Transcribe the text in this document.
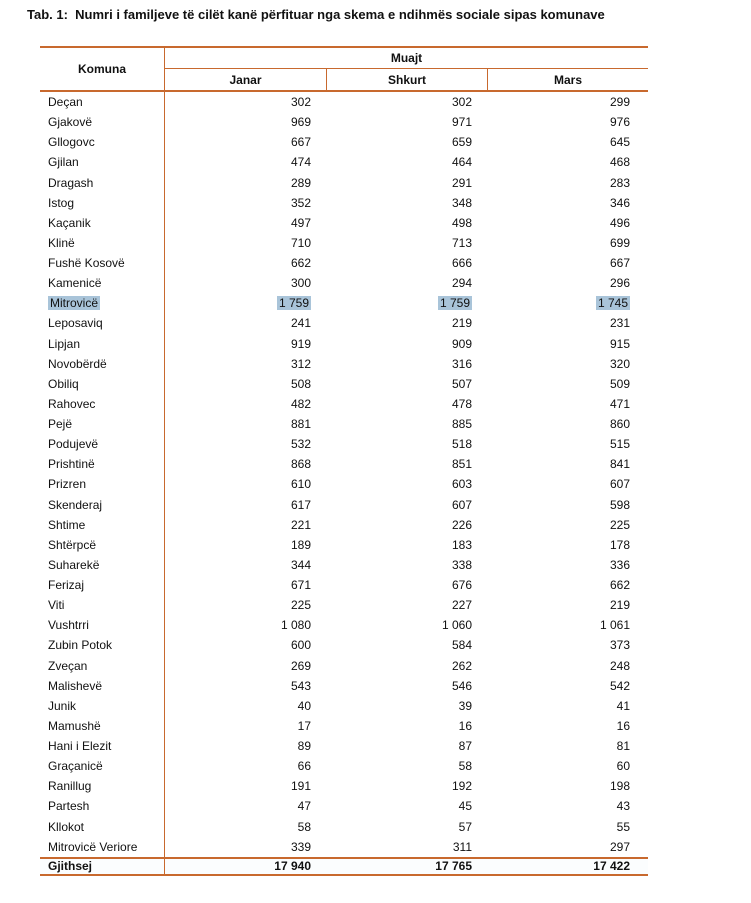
Tab. 1:  Numri i familjeve të cilët kanë përfituar nga skema e ndihmës sociale sipas komunave
Komuna
Muajt
Janar	Shkurt	Mars
Deçan	302	302	299
Gjakovë	969	971	976
Gllogovc	667	659	645
Gjilan	474	464	468
Dragash	289	291	283
Istog	352	348	346
Kaçanik	497	498	496
Klinë	710	713	699
Fushë Kosovë	662	666	667
Kamenicë	300	294	296
Mitrovicë	1 759	1 759	1 745
Leposaviq	241	219	231
Lipjan	919	909	915
Novobërdë	312	316	320
Obiliq	508	507	509
Rahovec	482	478	471
Pejë	881	885	860
Podujevë	532	518	515
Prishtinë	868	851	841
Prizren	610	603	607
Skenderaj	617	607	598
Shtime	221	226	225
Shtërpcë	189	183	178
Suharekë	344	338	336
Ferizaj	671	676	662
Viti	225	227	219
Vushtrri	1 080	1 060	1 061
Zubin Potok	600	584	373
Zveçan	269	262	248
Malishevë	543	546	542
Junik	40	39	41
Mamushë	17	16	16
Hani i Elezit	89	87	81
Graçanicë	66	58	60
Ranillug	191	192	198
Partesh	47	45	43
Kllokot	58	57	55
Mitrovicë Veriore	339	311	297
Gjithsej	17 940	17 765	17 422
